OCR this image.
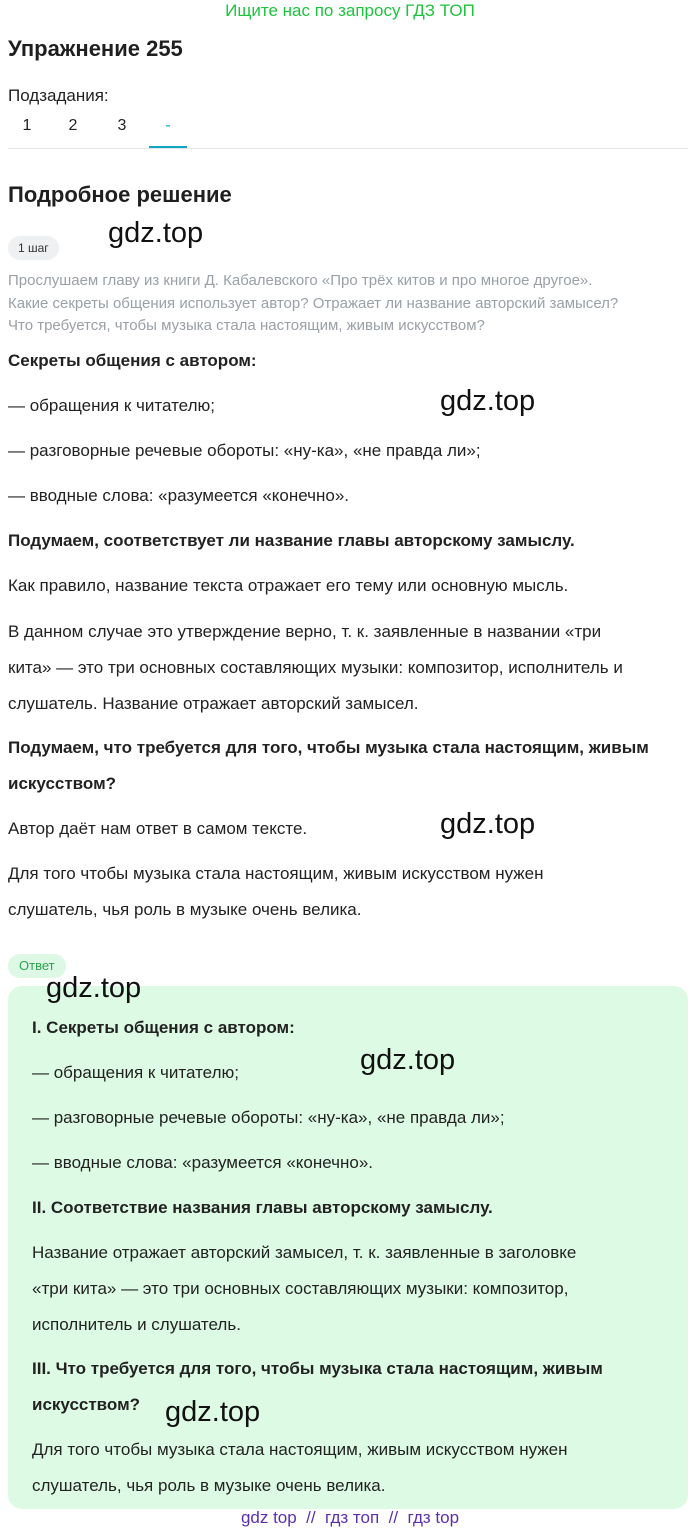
Ищите нас по запросу ГДЗ ТОП
Упражнение 255
Подзадания:
1	2	3	-
Подробное решение
1 шаг	gdz.top
Прослушаем главу из книги Д. Кабалевского «Про трёх китов и про многое другое».
Какие секреты общения использует автор? Отражает ли название авторский замысел?
Что требуется, чтобы музыка стала настоящим, живым искусством?
Секреты общения с автором:
— обращения к читателю;	gdz.top
— разговорные речевые обороты: «ну-ка», «не правда ли»;
— вводные слова: «разумеется «конечно».
Подумаем, соответствует ли название главы авторскому замыслу.
Как правило, название текста отражает его тему или основную мысль.
В данном случае это утверждение верно, т. к. заявленные в названии «три
кита» — это три основных составляющих музыки: композитор, исполнитель и
слушатель. Название отражает авторский замысел.
Подумаем, что требуется для того, чтобы музыка стала настоящим, живым
искусством?
Автор даёт нам ответ в самом тексте.	gdz.top
Для того чтобы музыка стала настоящим, живым искусством нужен
слушатель, чья роль в музыке очень велика.
Ответ
gdz.top
I. Секреты общения с автором:
— обращения к читателю;	gdz.top
— разговорные речевые обороты: «ну-ка», «не правда ли»;
— вводные слова: «разумеется «конечно».
II. Соответствие названия главы авторскому замыслу.
Название отражает авторский замысел, т. к. заявленные в заголовке
«три кита» — это три основных составляющих музыки: композитор,
исполнитель и слушатель.
III. Что требуется для того, чтобы музыка стала настоящим, живым
искусством? gdz.top
Для того чтобы музыка стала настоящим, живым искусством нужен
слушатель, чья роль в музыке очень велика.
gdz top  //  гдз топ  //  гдз top
